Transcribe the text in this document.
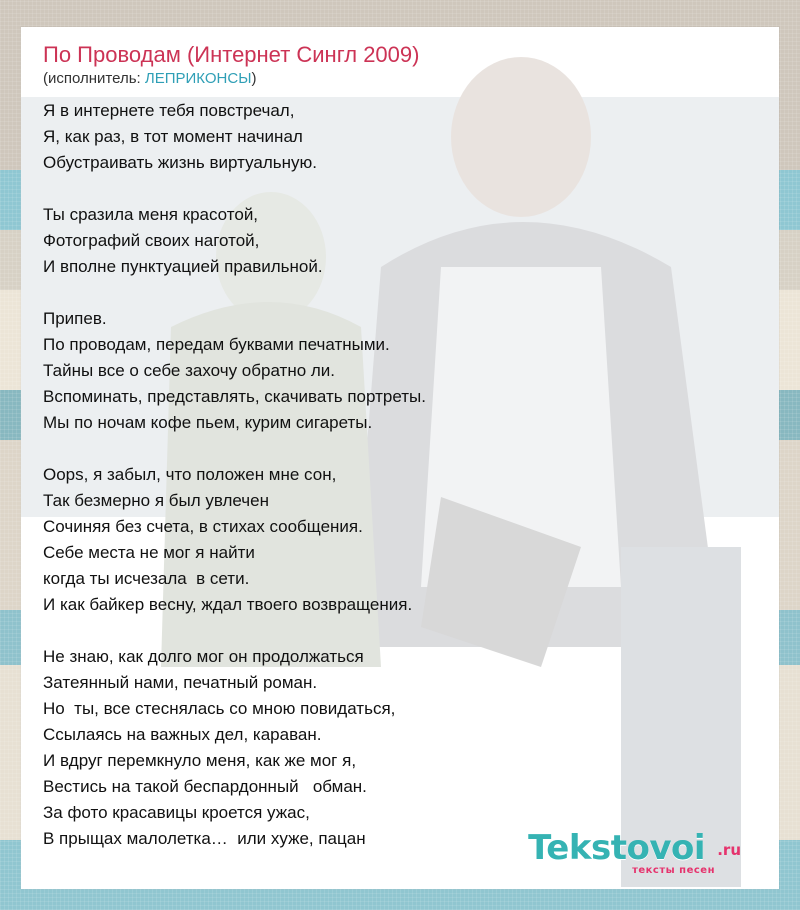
По Проводам (Интернет Сингл 2009)
(исполнитель: ЛЕПРИКОНСЫ)
Я в интернете тебя повстречал,
Я, как раз, в тот момент начинал
Обустраивать жизнь виртуальную.
Ты сразила меня красотой,
Фотографий своих наготой,
И вполне пунктуацией правильной.
Припев.
По проводам, передам буквами печатными.
Тайны все о себе захочу обратно ли.
Вспоминать, представлять, скачивать портреты.
Мы по ночам кофе пьем, курим сигареты.
Oops, я забыл, что положен мне сон,
Так безмерно я был увлечен
Сочиняя без счета, в стихах сообщения.
Себе места не мог я найти
когда ты исчезала  в сети.
И как байкер весну, ждал твоего возвращения.
Не знаю, как долго мог он продолжаться
Затеянный нами, печатный роман.
Но  ты, все стеснялась со мною повидаться,
Ссылаясь на важных дел, караван.
И вдруг перемкнуло меня, как же мог я,
Вестись на такой беспардонный   обман.
За фото красавицы кроется ужас,
В прыщах малолетка…  или хуже, пацан	Tekstovoi .ru
тексты песен
